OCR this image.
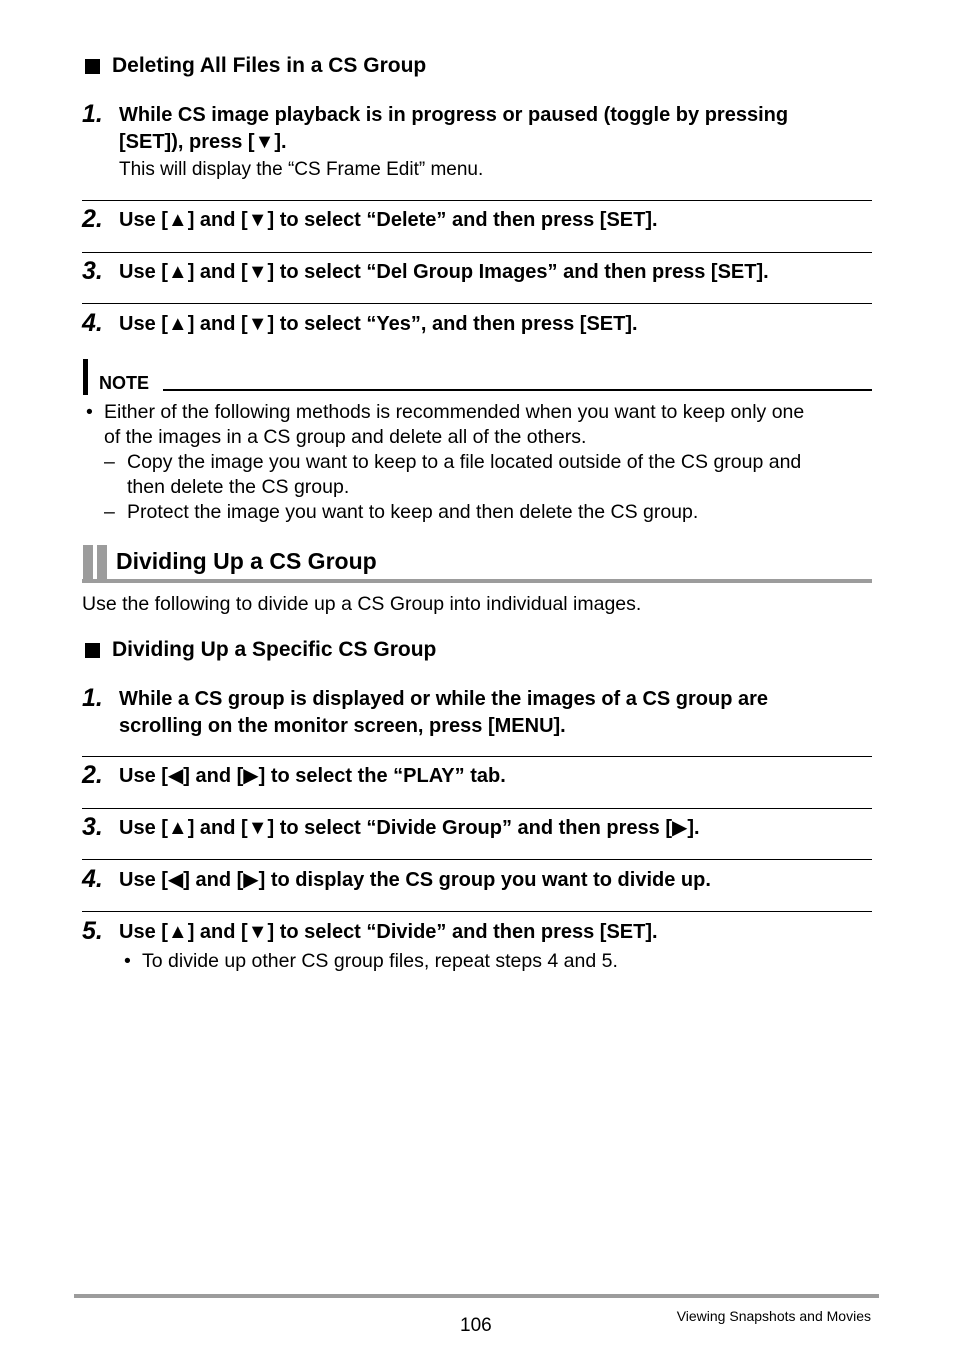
Deleting All Files in a CS Group
1. While CS image playback is in progress or paused (toggle by pressing
[SET]), press [▼].
This will display the “CS Frame Edit” menu.
2. Use [▲] and [▼] to select “Delete” and then press [SET].
3. Use [▲] and [▼] to select “Del Group Images” and then press [SET].
4. Use [▲] and [▼] to select “Yes”, and then press [SET].
NOTE
• Either of the following methods is recommended when you want to keep only one
of the images in a CS group and delete all of the others.
– Copy the image you want to keep to a file located outside of the CS group and
then delete the CS group.
– Protect the image you want to keep and then delete the CS group.
Dividing Up a CS Group
Use the following to divide up a CS Group into individual images.
Dividing Up a Specific CS Group
1. While a CS group is displayed or while the images of a CS group are
scrolling on the monitor screen, press [MENU].
2. Use [◀] and [▶] to select the “PLAY” tab.
3. Use [▲] and [▼] to select “Divide Group” and then press [▶].
4. Use [◀] and [▶] to display the CS group you want to divide up.
5. Use [▲] and [▼] to select “Divide” and then press [SET].
• To divide up other CS group files, repeat steps 4 and 5.
106	Viewing Snapshots and Movies
